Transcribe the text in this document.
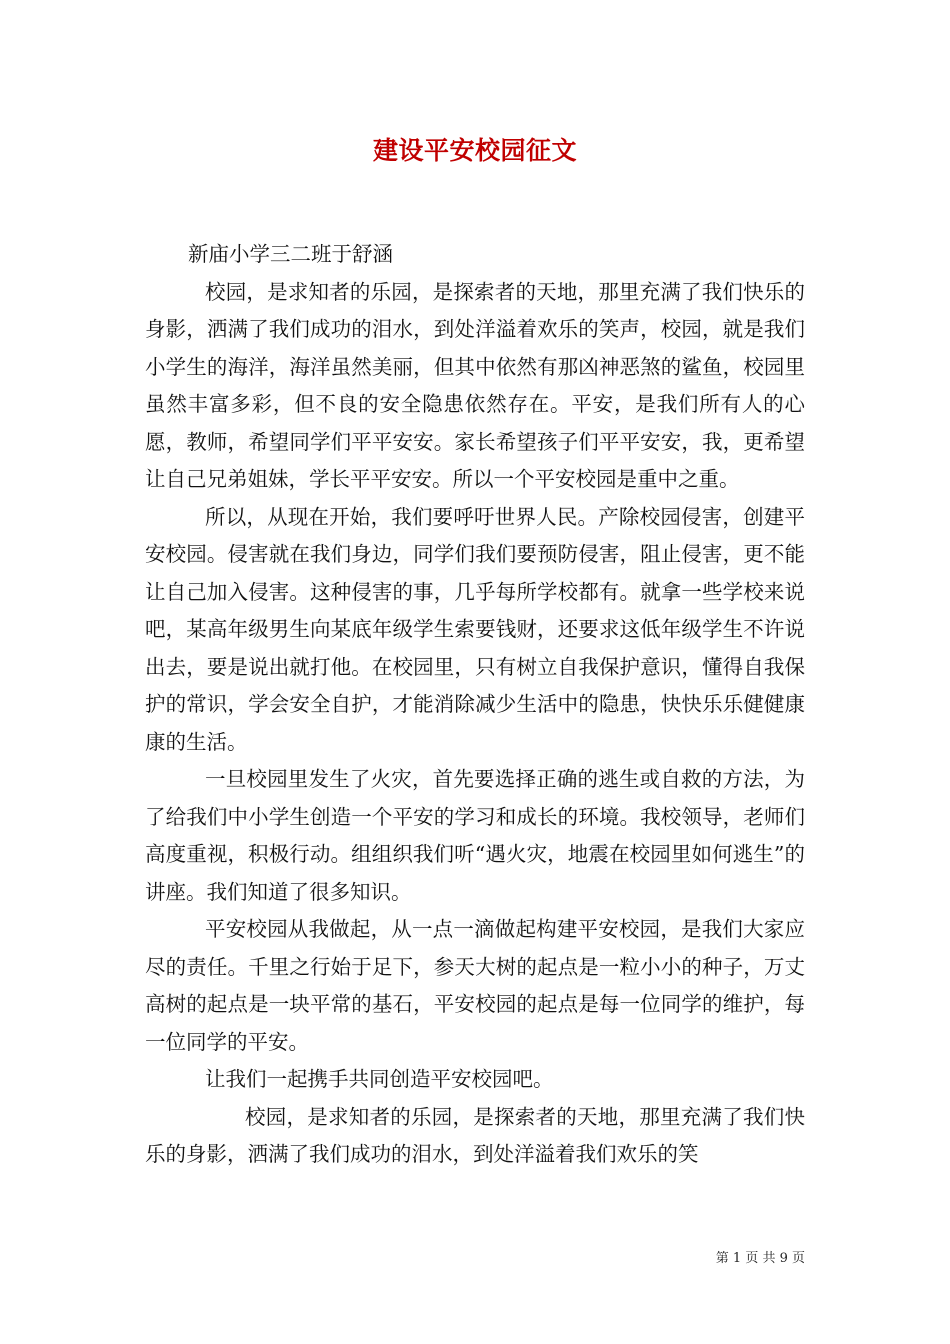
建设平安校园征文

新庙小学三二班于舒涵

校园，是求知者的乐园，是探索者的天地，那里充满了我们快乐的身影，洒满了我们成功的泪水，到处洋溢着欢乐的笑声，校园，就是我们小学生的海洋，海洋虽然美丽，但其中依然有那凶神恶煞的鲨鱼，校园里虽然丰富多彩，但不良的安全隐患依然存在。平安，是我们所有人的心愿，教师，希望同学们平平安安。家长希望孩子们平平安安，我，更希望让自己兄弟姐妹，学长平平安安。所以一个平安校园是重中之重。

所以，从现在开始，我们要呼吁世界人民。产除校园侵害，创建平安校园。侵害就在我们身边，同学们我们要预防侵害，阻止侵害，更不能让自己加入侵害。这种侵害的事，几乎每所学校都有。就拿一些学校来说吧，某高年级男生向某底年级学生索要钱财，还要求这低年级学生不许说出去，要是说出就打他。在校园里，只有树立自我保护意识，懂得自我保护的常识，学会安全自护，才能消除减少生活中的隐患，快快乐乐健健康康的生活。

一旦校园里发生了火灾，首先要选择正确的逃生或自救的方法，为了给我们中小学生创造一个平安的学习和成长的环境。我校领导，老师们高度重视，积极行动。组组织我们听“遇火灾，地震在校园里如何逃生”的讲座。我们知道了很多知识。

平安校园从我做起，从一点一滴做起构建平安校园，是我们大家应尽的责任。千里之行始于足下，参天大树的起点是一粒小小的种子，万丈高树的起点是一块平常的基石，平安校园的起点是每一位同学的维护，每一位同学的平安。

让我们一起携手共同创造平安校园吧。

校园，是求知者的乐园，是探索者的天地，那里充满了我们快乐的身影，洒满了我们成功的泪水，到处洋溢着我们欢乐的笑

第 1 页 共 9 页
